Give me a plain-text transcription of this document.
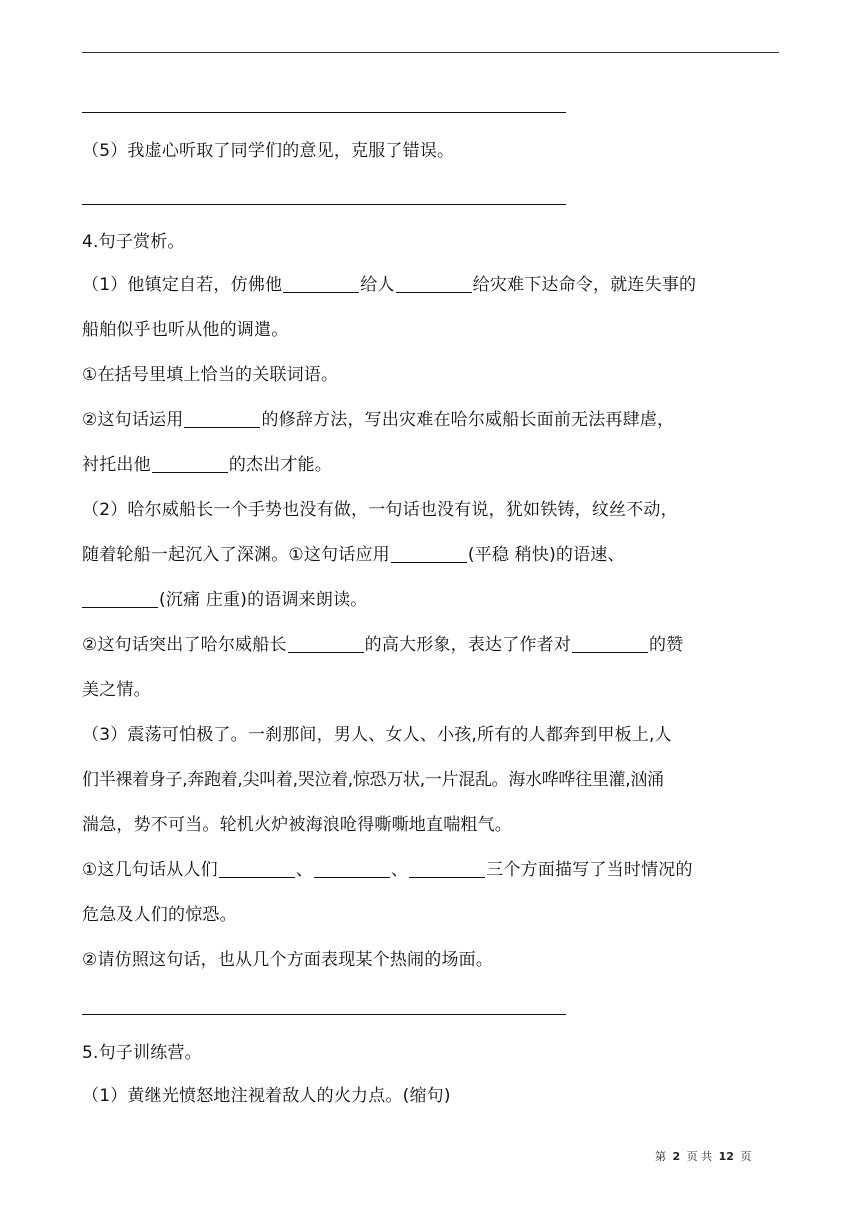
（5）我虚心听取了同学们的意见，克服了错误。
4.句子赏析。
（1）他镇定自若，仿佛他	给人	给灾难下达命令，就连失事的
船舶似乎也听从他的调遣。
①在括号里填上恰当的关联词语。
②这句话运用	的修辞方法，写出灾难在哈尔威船长面前无法再肆虐，
衬托出他	的杰出才能。
（2）哈尔威船长一个手势也没有做，一句话也没有说，犹如铁铸，纹丝不动，
随着轮船一起沉入了深渊。①这句话应用	(平稳 稍快)的语速、
(沉痛 庄重)的语调来朗读。
②这句话突出了哈尔威船长	的高大形象，表达了作者对	的赞
美之情。
（3）震荡可怕极了。一刹那间，男人、女人、小孩,所有的人都奔到甲板上,人
们半裸着身子,奔跑着,尖叫着,哭泣着,惊恐万状,一片混乱。海水哗哗往里灌,汹涌
湍急，势不可当。轮机火炉被海浪呛得嘶嘶地直喘粗气。
①这几句话从人们	、	、	三个方面描写了当时情况的
危急及人们的惊恐。
②请仿照这句话，也从几个方面表现某个热闹的场面。
5.句子训练营。
（1）黄继光愤怒地注视着敌人的火力点。(缩句)
第 2 页 共 12 页
